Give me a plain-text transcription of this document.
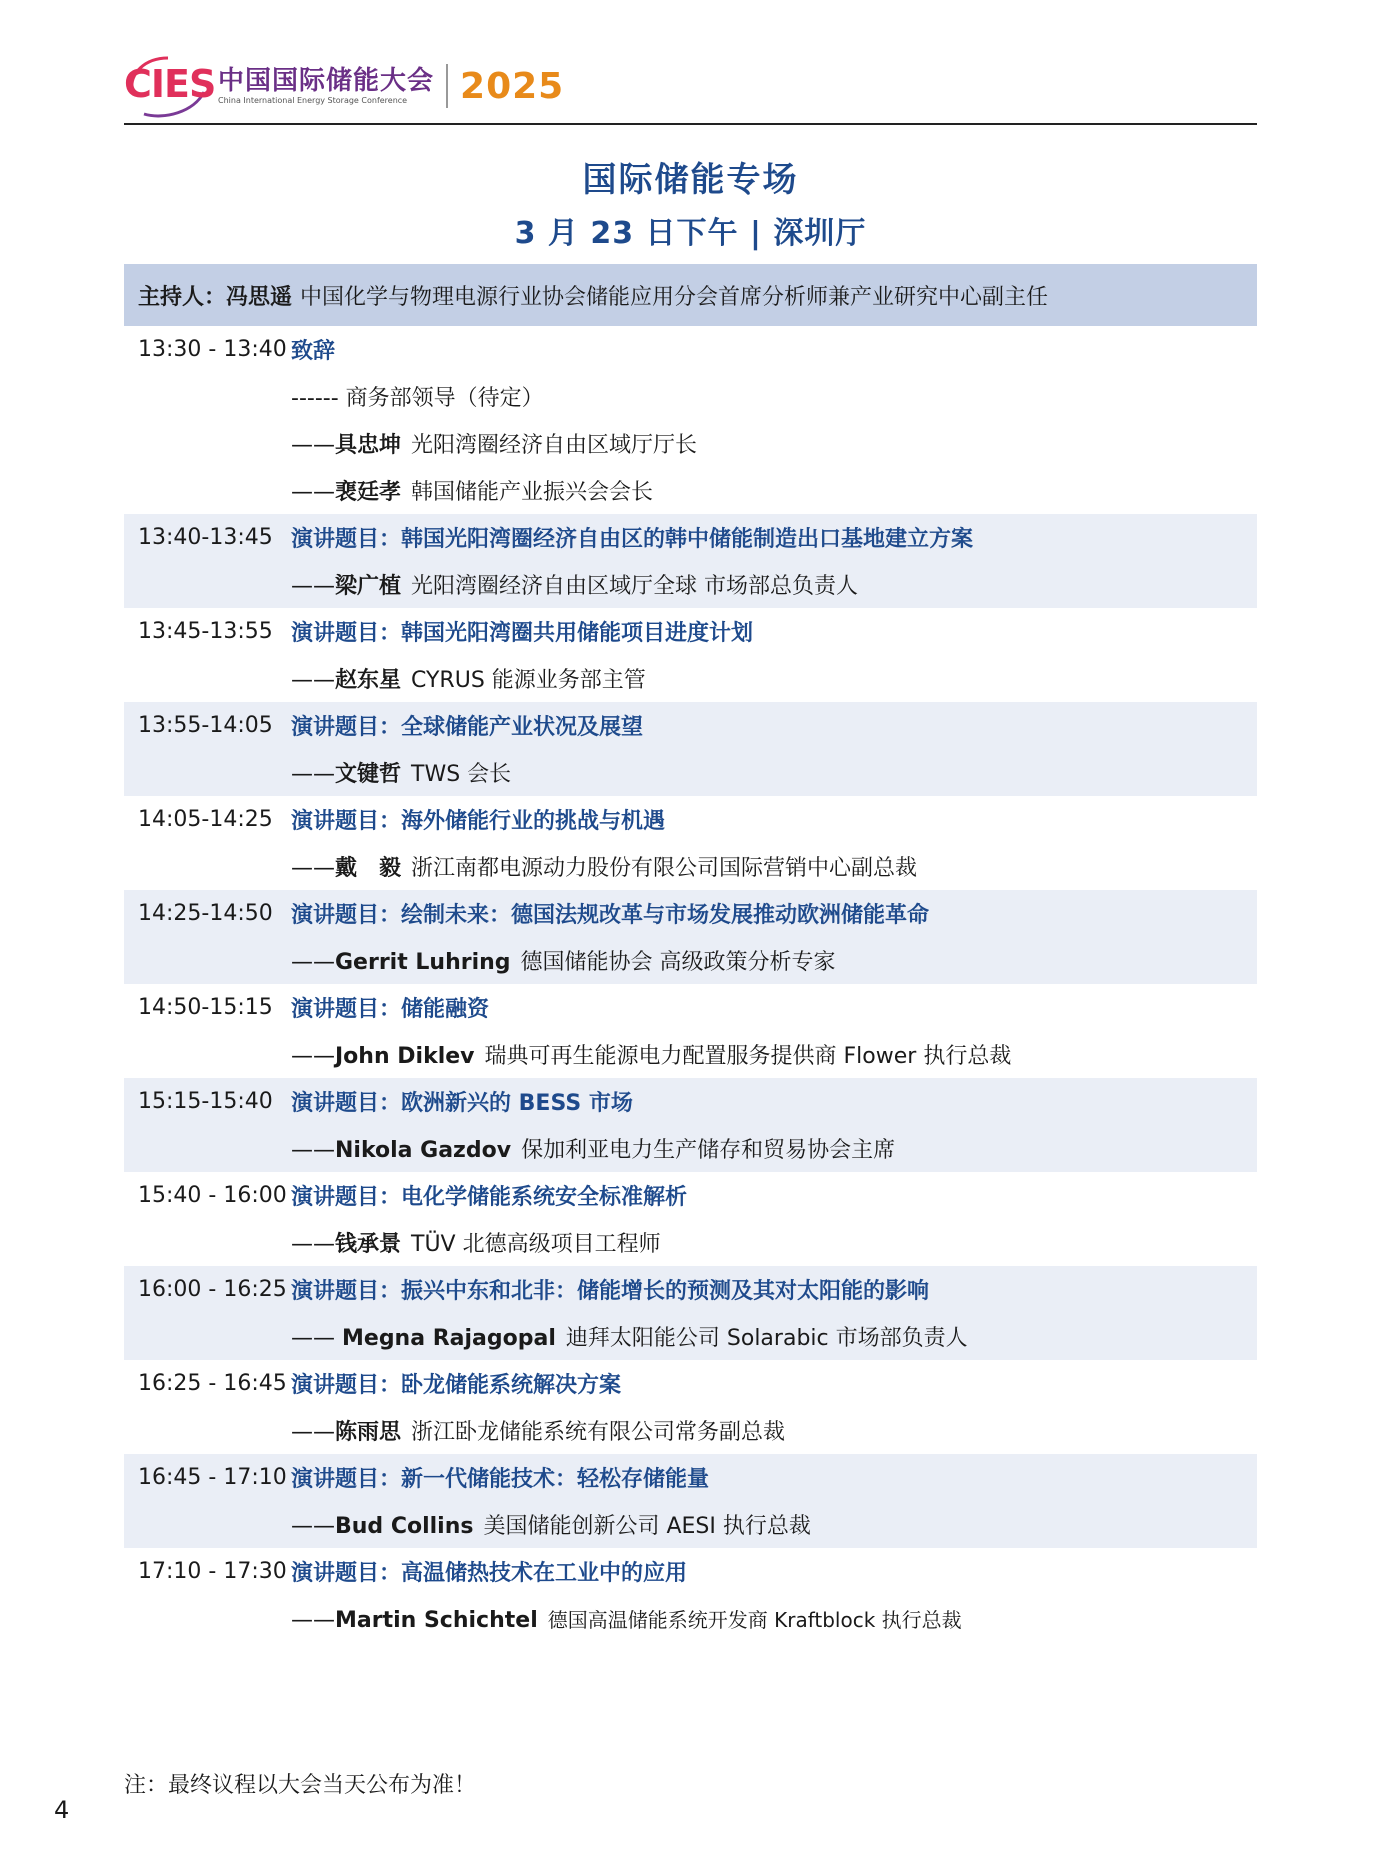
CIES 中国国际储能大会
China International Energy Storage Conference	2025
国际储能专场
3 月 23 日下午 | 深圳厅
主持人： 冯思遥 中国化学与物理电源行业协会储能应用分会首席分析师兼产业研究中心副主任
13:30 - 13:40 致辞
------ 商务部领导（待定）
——具忠坤 光阳湾圈经济自由区域厅厅长
——裵廷孝 韩国储能产业振兴会会长
13:40-13:45 演讲题目：韩国光阳湾圈经济自由区的韩中储能制造出口基地建立方案
——梁广植 光阳湾圈经济自由区域厅全球 市场部总负责人
13:45-13:55 演讲题目：韩国光阳湾圈共用储能项目进度计划
——赵东星 CYRUS 能源业务部主管
13:55-14:05 演讲题目：全球储能产业状况及展望
——文键哲 TWS 会长
14:05-14:25 演讲题目：海外储能行业的挑战与机遇
——戴　毅 浙江南都电源动力股份有限公司国际营销中心副总裁
14:25-14:50 演讲题目：绘制未来：德国法规改革与市场发展推动欧洲储能革命
——Gerrit Luhring 德国储能协会 高级政策分析专家
14:50-15:15 演讲题目：储能融资
——John Diklev 瑞典可再生能源电力配置服务提供商 Flower 执行总裁
15:15-15:40 演讲题目：欧洲新兴的 BESS 市场
——Nikola Gazdov 保加利亚电力生产储存和贸易协会主席
15:40 - 16:00 演讲题目：电化学储能系统安全标准解析
——钱承景 TÜV 北德高级项目工程师
16:00 - 16:25 演讲题目：振兴中东和北非：储能增长的预测及其对太阳能的影响
—— Megna Rajagopal 迪拜太阳能公司 Solarabic 市场部负责人
16:25 - 16:45 演讲题目：卧龙储能系统解决方案
——陈雨思 浙江卧龙储能系统有限公司常务副总裁
16:45 - 17:10 演讲题目：新一代储能技术：轻松存储能量
——Bud Collins 美国储能创新公司 AESI 执行总裁
17:10 - 17:30 演讲题目：高温储热技术在工业中的应用
——Martin Schichtel 德国高温储能系统开发商 Kraftblock 执行总裁
注：最终议程以大会当天公布为准！
4
